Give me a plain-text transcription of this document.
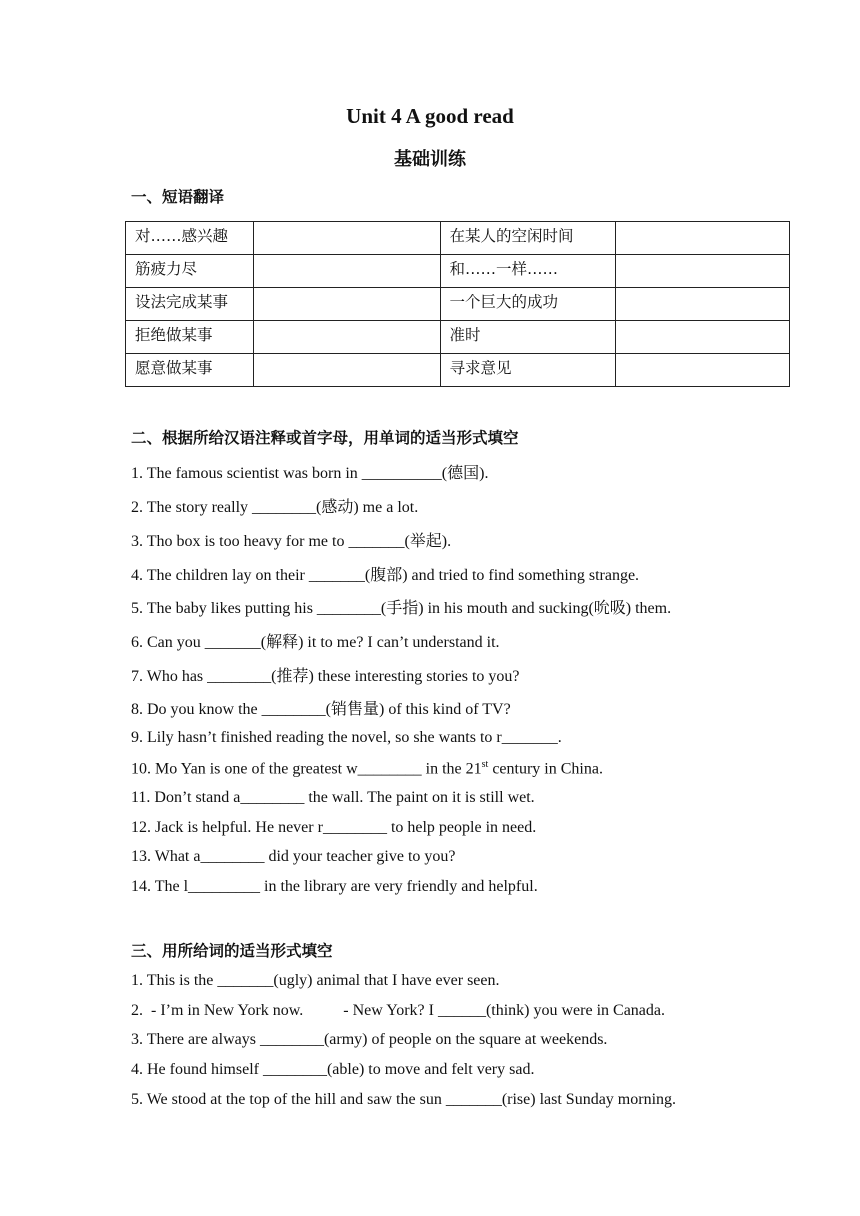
Unit 4 A good read
基础训练
一、短语翻译
对……感兴趣		在某人的空闲时间	
筋疲力尽		和……一样……	
设法完成某事		一个巨大的成功	
拒绝做某事		准时	
愿意做某事		寻求意见	
二、根据所给汉语注释或首字母，用单词的适当形式填空
1. The famous scientist was born in __________(德国).
2. The story really ________(感动) me a lot.
3. Tho box is too heavy for me to _______(举起).
4. The children lay on their _______(腹部) and tried to find something strange.
5. The baby likes putting his ________(手指) in his mouth and sucking(吮吸) them.
6. Can you _______(解释) it to me? I can’t understand it.
7. Who has ________(推荐) these interesting stories to you?
8. Do you know the ________(销售量) of this kind of TV?
9. Lily hasn’t finished reading the novel, so she wants to r_______.
10. Mo Yan is one of the greatest w________ in the 21st century in China.
11. Don’t stand a________ the wall. The paint on it is still wet.
12. Jack is helpful. He never r________ to help people in need.
13. What a________ did your teacher give to you?
14. The l_________ in the library are very friendly and helpful.
三、用所给词的适当形式填空
1. This is the _______(ugly) animal that I have ever seen.
2.  - I’m in New York now.          - New York? I ______(think) you were in Canada.
3. There are always ________(army) of people on the square at weekends.
4. He found himself ________(able) to move and felt very sad.
5. We stood at the top of the hill and saw the sun _______(rise) last Sunday morning.
